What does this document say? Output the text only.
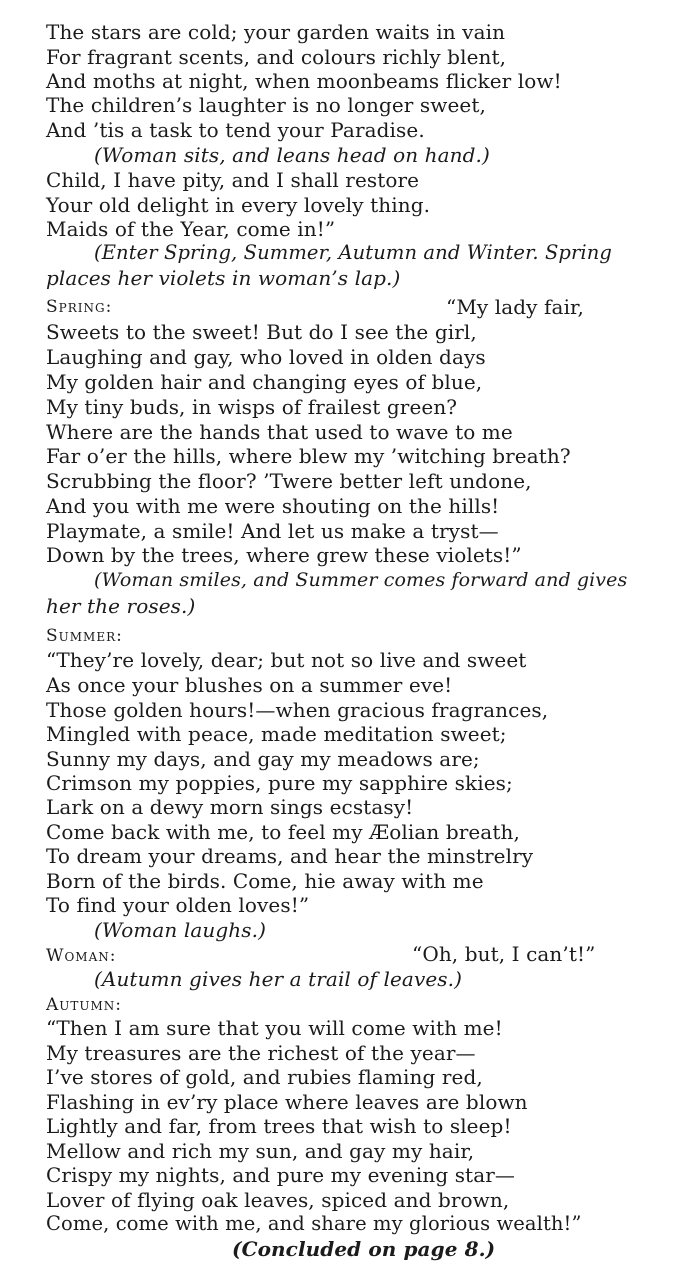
The stars are cold; your garden waits in vain
For fragrant scents, and colours richly blent,
And moths at night, when moonbeams flicker low!
The children’s laughter is no longer sweet,
And ’tis a task to tend your Paradise.
(Woman sits, and leans head on hand.)
Child, I have pity, and I shall restore
Your old delight in every lovely thing.
Maids of the Year, come in!”
(Enter Spring, Summer, Autumn and Winter. Spring
places her violets in woman’s lap.)
Spring:	“My lady fair,
Sweets to the sweet! But do I see the girl,
Laughing and gay, who loved in olden days
My golden hair and changing eyes of blue,
My tiny buds, in wisps of frailest green?
Where are the hands that used to wave to me
Far o’er the hills, where blew my ’witching breath?
Scrubbing the floor? ’Twere better left undone,
And you with me were shouting on the hills!
Playmate, a smile! And let us make a tryst—
Down by the trees, where grew these violets!”
(Woman smiles, and Summer comes forward and gives
her the roses.)
Summer:
“They’re lovely, dear; but not so live and sweet
As once your blushes on a summer eve!
Those golden hours!—when gracious fragrances,
Mingled with peace, made meditation sweet;
Sunny my days, and gay my meadows are;
Crimson my poppies, pure my sapphire skies;
Lark on a dewy morn sings ecstasy!
Come back with me, to feel my Æolian breath,
To dream your dreams, and hear the minstrelry
Born of the birds. Come, hie away with me
To find your olden loves!”
(Woman laughs.)
Woman:	“Oh, but, I can’t!”
(Autumn gives her a trail of leaves.)
Autumn:
“Then I am sure that you will come with me!
My treasures are the richest of the year—
I’ve stores of gold, and rubies flaming red,
Flashing in ev’ry place where leaves are blown
Lightly and far, from trees that wish to sleep!
Mellow and rich my sun, and gay my hair,
Crispy my nights, and pure my evening star—
Lover of flying oak leaves, spiced and brown,
Come, come with me, and share my glorious wealth!”
(Concluded on page 8.)
